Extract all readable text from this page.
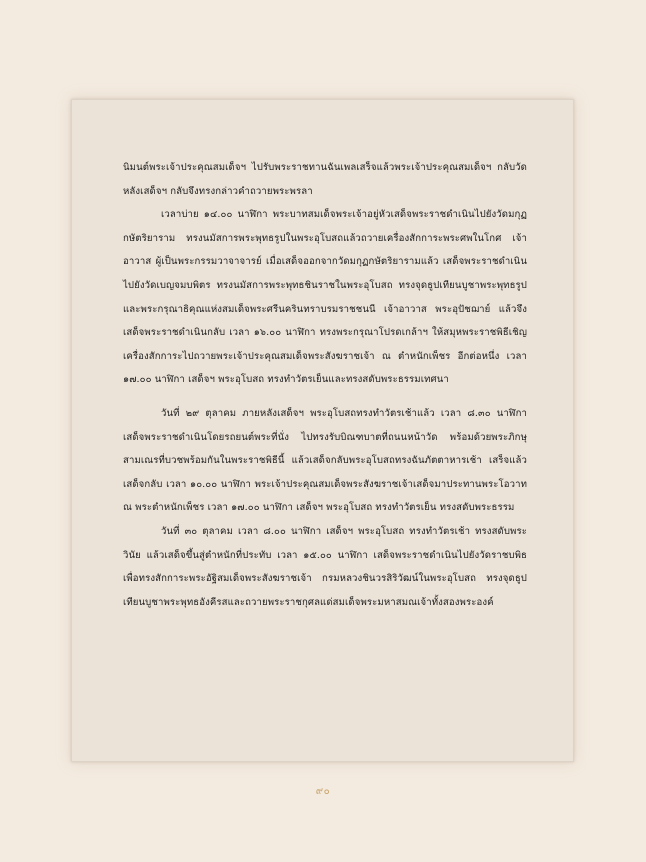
นิมนต์พระเจ้าประคุณสมเด็จฯ ไปรับพระราชทานฉันเพลเสร็จแล้วพระเจ้าประคุณสมเด็จฯ กลับวัด หลังเสด็จฯ กลับจึงทรงกล่าวคำถวายพระพรลา

เวลาบ่าย ๑๔.๐๐ นาฬิกา พระบาทสมเด็จพระเจ้าอยู่หัวเสด็จพระราชดำเนินไปยังวัดมกุฏกษัตริยาราม ทรงนมัสการพระพุทธรูปในพระอุโบสถแล้วถวายเครื่องสักการะพระศพในโกศ เจ้าอาวาส ผู้เป็นพระกรรมวาจาจารย์ เมื่อเสด็จออกจากวัดมกุฏกษัตริยารามแล้ว เสด็จพระราชดำเนินไปยังวัดเบญจมบพิตร ทรงนมัสการพระพุทธชินราชในพระอุโบสถ ทรงจุดธูปเทียนบูชาพระพุทธรูปและพระกรุณาธิคุณแห่งสมเด็จพระศรีนครินทราบรมราชชนนี เจ้าอาวาส พระอุปัชฌาย์ แล้วจึงเสด็จพระราชดำเนินกลับ เวลา ๑๖.๐๐ นาฬิกา ทรงพระกรุณาโปรดเกล้าฯ ให้สมุหพระราชพิธีเชิญเครื่องสักการะไปถวายพระเจ้าประคุณสมเด็จพระสังฆราชเจ้า ณ ตำหนักเพ็ชร อีกต่อหนึ่ง เวลา ๑๗.๐๐ นาฬิกา เสด็จฯ พระอุโบสถ ทรงทำวัตรเย็นและทรงสดับพระธรรมเทศนา

วันที่ ๒๙ ตุลาคม ภายหลังเสด็จฯ พระอุโบสถทรงทำวัตรเช้าแล้ว เวลา ๘.๓๐ นาฬิกา เสด็จพระราชดำเนินโดยรถยนต์พระที่นั่ง ไปทรงรับบิณฑบาตที่ถนนหน้าวัด พร้อมด้วยพระภิกษุสามเณรที่บวชพร้อมกันในพระราชพิธีนี้ แล้วเสด็จกลับพระอุโบสถทรงฉันภัตตาหารเช้า เสร็จแล้วเสด็จกลับ เวลา ๑๐.๐๐ นาฬิกา พระเจ้าประคุณสมเด็จพระสังฆราชเจ้าเสด็จมาประทานพระโอวาท ณ พระตำหนักเพ็ชร เวลา ๑๗.๐๐ นาฬิกา เสด็จฯ พระอุโบสถ ทรงทำวัตรเย็น ทรงสดับพระธรรม

วันที่ ๓๐ ตุลาคม เวลา ๘.๐๐ นาฬิกา เสด็จฯ พระอุโบสถ ทรงทำวัตรเช้า ทรงสดับพระวินัย แล้วเสด็จขึ้นสู่ตำหนักที่ประทับ เวลา ๑๕.๐๐ นาฬิกา เสด็จพระราชดำเนินไปยังวัดราชบพิธ เพื่อทรงสักการะพระอัฐิสมเด็จพระสังฆราชเจ้า กรมหลวงชินวรสิริวัฒน์ในพระอุโบสถ ทรงจุดธูปเทียนบูชาพระพุทธอังคีรสและถวายพระราชกุศลแด่สมเด็จพระมหาสมณเจ้าทั้งสองพระองค์

๙๐
